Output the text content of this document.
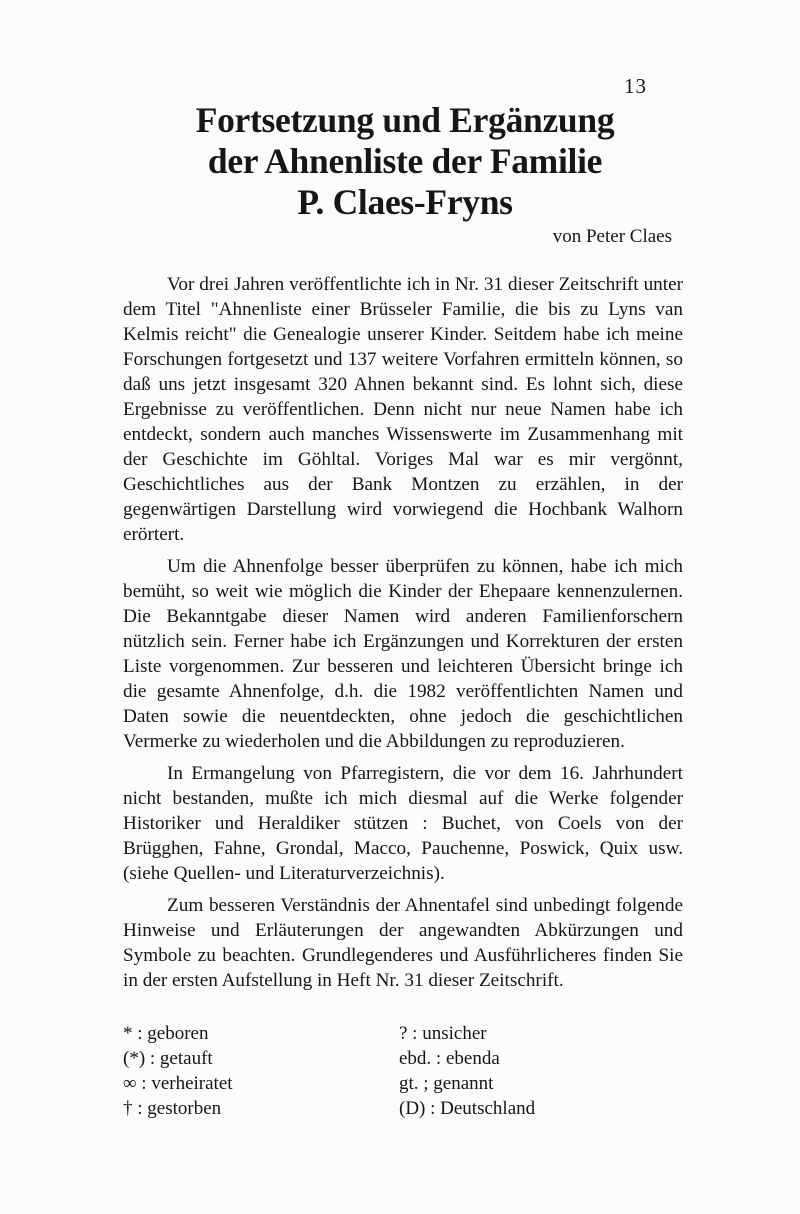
13
Fortsetzung und Ergänzung
der Ahnenliste der Familie
P. Claes-Fryns
von Peter Claes

Vor drei Jahren veröffentlichte ich in Nr. 31 dieser Zeitschrift unter dem Titel "Ahnenliste einer Brüsseler Familie, die bis zu Lyns van Kelmis reicht" die Genealogie unserer Kinder. Seitdem habe ich meine Forschungen fortgesetzt und 137 weitere Vorfahren ermitteln können, so daß uns jetzt insgesamt 320 Ahnen bekannt sind. Es lohnt sich, diese Ergebnisse zu veröffentlichen. Denn nicht nur neue Namen habe ich entdeckt, sondern auch manches Wissenswerte im Zusammenhang mit der Geschichte im Göhltal. Voriges Mal war es mir vergönnt, Geschichtliches aus der Bank Montzen zu erzählen, in der gegenwärtigen Darstellung wird vorwiegend die Hochbank Walhorn erörtert.

Um die Ahnenfolge besser überprüfen zu können, habe ich mich bemüht, so weit wie möglich die Kinder der Ehepaare kennenzulernen. Die Bekanntgabe dieser Namen wird anderen Familienforschern nützlich sein. Ferner habe ich Ergänzungen und Korrekturen der ersten Liste vorgenommen. Zur besseren und leichteren Übersicht bringe ich die gesamte Ahnenfolge, d.h. die 1982 veröffentlichten Namen und Daten sowie die neuentdeckten, ohne jedoch die geschichtlichen Vermerke zu wiederholen und die Abbildungen zu reproduzieren.

In Ermangelung von Pfarregistern, die vor dem 16. Jahrhundert nicht bestanden, mußte ich mich diesmal auf die Werke folgender Historiker und Heraldiker stützen : Buchet, von Coels von der Brügghen, Fahne, Grondal, Macco, Pauchenne, Poswick, Quix usw. (siehe Quellen- und Literaturverzeichnis).

Zum besseren Verständnis der Ahnentafel sind unbedingt folgende Hinweise und Erläuterungen der angewandten Abkürzungen und Symbole zu beachten. Grundlegenderes und Ausführlicheres finden Sie in der ersten Aufstellung in Heft Nr. 31 dieser Zeitschrift.

* : geboren	? : unsicher
(*) : getauft	ebd. : ebenda
∞ : verheiratet	gt. ; genannt
† : gestorben	(D) : Deutschland
